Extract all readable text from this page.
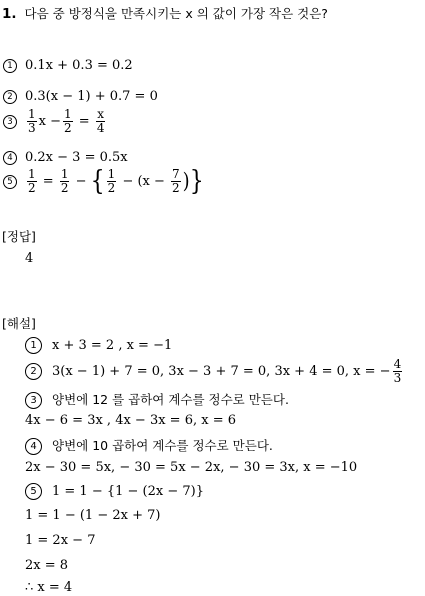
1. 다음 중 방정식을 만족시키는 x 의 값이 가장 작은 것은?
1 0.1x + 0.3 = 0.2
2 0.3(x − 1) + 0.7 = 0
$3 \frac{1}{3}$ $x - \frac{1}{2} = \frac{x}{4}$
4 0.2x − 3 = 0.5x
$5 \frac{1}{2} = \frac{1}{2}$ − { $\frac{1}{2} - (x - \frac{7}{2}$ )}
[정답]
4
[해설]
1 x + 3 = 2 , x = −1
2 3(x − 1) + 7 = 0, 3x − 3 + 7 = 0, 3x + 4 = 0, x = − $\frac{4}{3}$
3 양변에 12 를 곱하여 계수를 정수로 만든다.
4x − 6 = 3x , 4x − 3x = 6, x = 6
4 양변에 10 곱하여 계수를 정수로 만든다.
2x − 30 = 5x, − 30 = 5x − 2x, − 30 = 3x, x = −10
5 1 = 1 − {1 − (2x − 7)}
1 = 1 − (1 − 2x + 7)
1 = 2x − 7
2x = 8
∴ x = 4
